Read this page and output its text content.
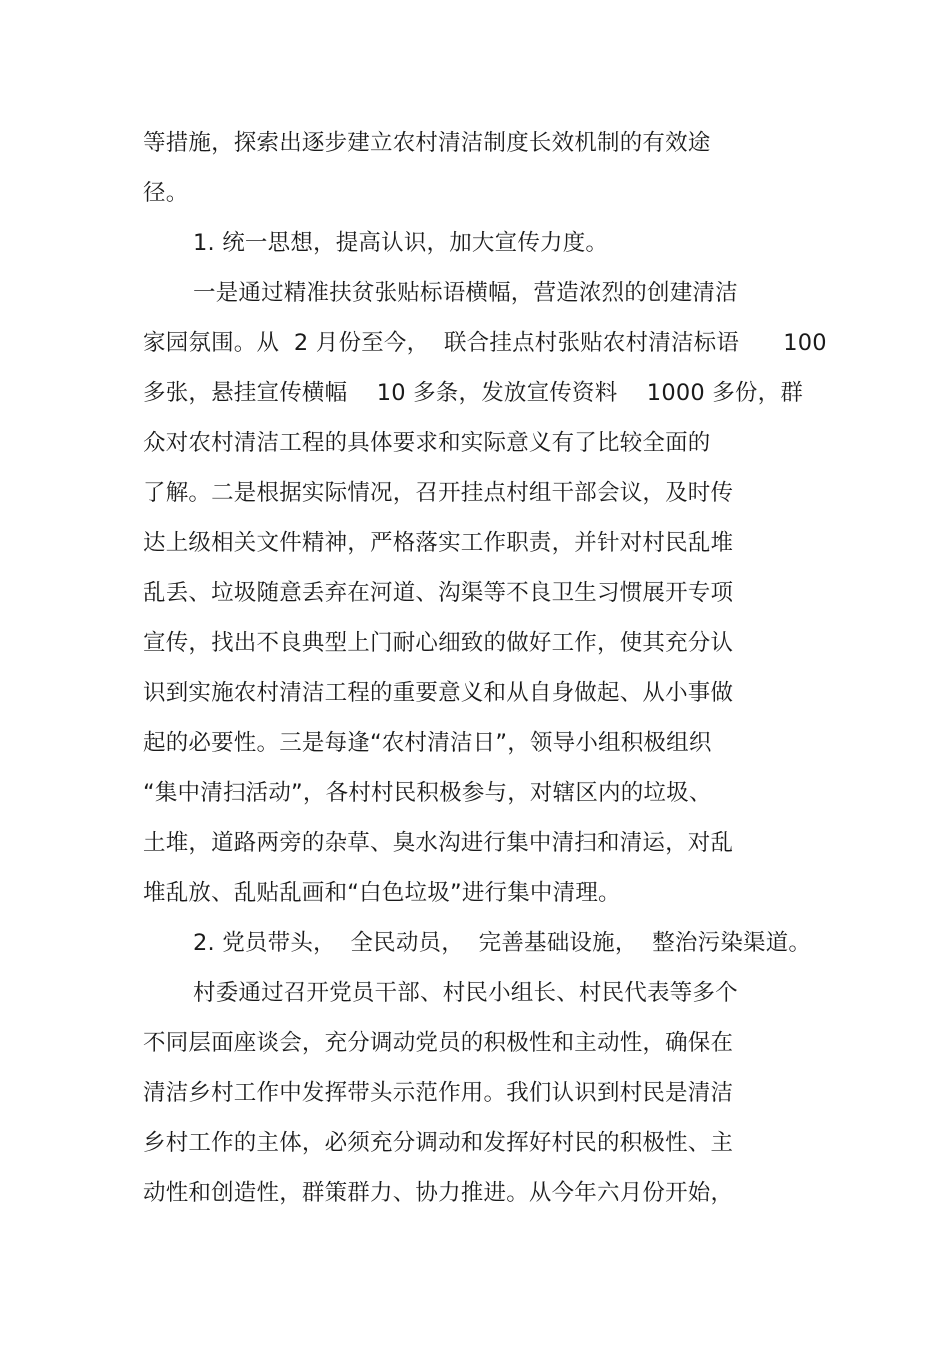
等措施，探索出逐步建立农村清洁制度长效机制的有效途
径。
1. 统一思想，提高认识，加大宣传力度。
一是通过精准扶贫张贴标语横幅，营造浓烈的创建清洁
家园氛围。从  2 月份至今，  联合挂点村张贴农村清洁标语      100
多张，悬挂宣传横幅    10 多条，发放宣传资料    1000 多份，群
众对农村清洁工程的具体要求和实际意义有了比较全面的
了解。二是根据实际情况，召开挂点村组干部会议，及时传
达上级相关文件精神，严格落实工作职责，并针对村民乱堆
乱丢、垃圾随意丢弃在河道、沟渠等不良卫生习惯展开专项
宣传，找出不良典型上门耐心细致的做好工作，使其充分认
识到实施农村清洁工程的重要意义和从自身做起、从小事做
起的必要性。三是每逢“农村清洁日”，领导小组积极组织
“集中清扫活动”，各村村民积极参与，对辖区内的垃圾、
土堆，道路两旁的杂草、臭水沟进行集中清扫和清运，对乱
堆乱放、乱贴乱画和“白色垃圾”进行集中清理。
2. 党员带头，  全民动员，  完善基础设施，  整治污染渠道。
村委通过召开党员干部、村民小组长、村民代表等多个
不同层面座谈会，充分调动党员的积极性和主动性，确保在
清洁乡村工作中发挥带头示范作用。我们认识到村民是清洁
乡村工作的主体，必须充分调动和发挥好村民的积极性、主
动性和创造性，群策群力、协力推进。从今年六月份开始，
